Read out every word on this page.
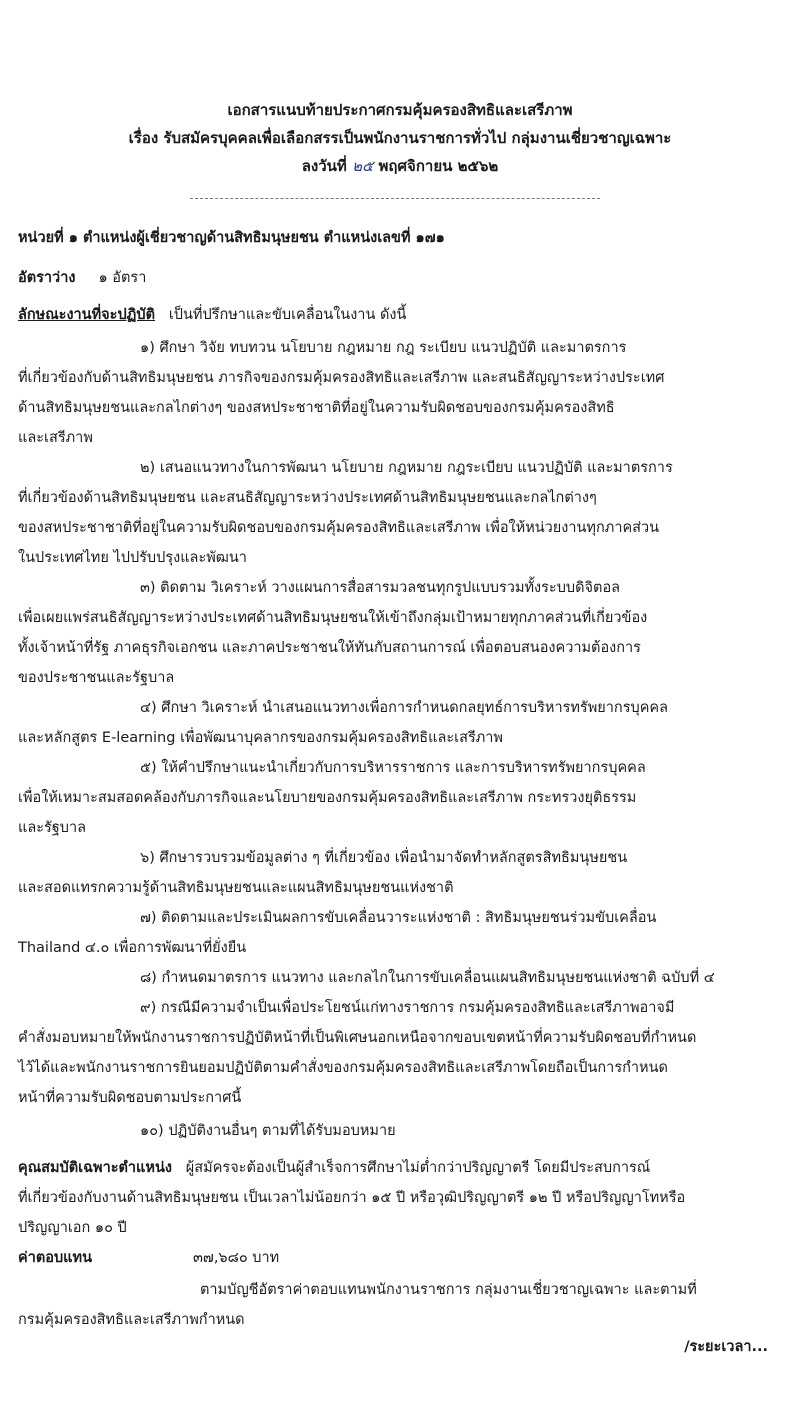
เอกสารแนบท้ายประกาศกรมคุ้มครองสิทธิและเสรีภาพ
เรื่อง รับสมัครบุคคลเพื่อเลือกสรรเป็นพนักงานราชการทั่วไป กลุ่มงานเชี่ยวชาญเฉพาะ
ลงวันที่ ๒๕ พฤศจิกายน ๒๕๖๒
หน่วยที่ ๑ ตำแหน่งผู้เชี่ยวชาญด้านสิทธิมนุษยชน ตำแหน่งเลขที่ ๑๗๑
อัตราว่าง ๑ อัตรา
ลักษณะงานที่จะปฏิบัติ เป็นที่ปรึกษาและขับเคลื่อนในงาน ดังนี้
๑) ศึกษา วิจัย ทบทวน นโยบาย กฎหมาย กฎ ระเบียบ แนวปฏิบัติ และมาตรการ
ที่เกี่ยวข้องกับด้านสิทธิมนุษยชน ภารกิจของกรมคุ้มครองสิทธิและเสรีภาพ และสนธิสัญญาระหว่างประเทศ
ด้านสิทธิมนุษยชนและกลไกต่างๆ ของสหประชาชาติที่อยู่ในความรับผิดชอบของกรมคุ้มครองสิทธิ
และเสรีภาพ
๒) เสนอแนวทางในการพัฒนา นโยบาย กฎหมาย กฎระเบียบ แนวปฏิบัติ และมาตรการ
ที่เกี่ยวข้องด้านสิทธิมนุษยชน และสนธิสัญญาระหว่างประเทศด้านสิทธิมนุษยชนและกลไกต่างๆ
ของสหประชาชาติที่อยู่ในความรับผิดชอบของกรมคุ้มครองสิทธิและเสรีภาพ เพื่อให้หน่วยงานทุกภาคส่วน
ในประเทศไทย ไปปรับปรุงและพัฒนา
๓) ติดตาม วิเคราะห์ วางแผนการสื่อสารมวลชนทุกรูปแบบรวมทั้งระบบดิจิตอล
เพื่อเผยแพร่สนธิสัญญาระหว่างประเทศด้านสิทธิมนุษยชนให้เข้าถึงกลุ่มเป้าหมายทุกภาคส่วนที่เกี่ยวข้อง
ทั้งเจ้าหน้าที่รัฐ ภาคธุรกิจเอกชน และภาคประชาชนให้ทันกับสถานการณ์ เพื่อตอบสนองความต้องการ
ของประชาชนและรัฐบาล
๔) ศึกษา วิเคราะห์ นำเสนอแนวทางเพื่อการกำหนดกลยุทธ์การบริหารทรัพยากรบุคคล
และหลักสูตร E-learning เพื่อพัฒนาบุคลากรของกรมคุ้มครองสิทธิและเสรีภาพ
๕) ให้คำปรึกษาแนะนำเกี่ยวกับการบริหารราชการ และการบริหารทรัพยากรบุคคล
เพื่อให้เหมาะสมสอดคล้องกับภารกิจและนโยบายของกรมคุ้มครองสิทธิและเสรีภาพ กระทรวงยุติธรรม
และรัฐบาล
๖) ศึกษารวบรวมข้อมูลต่าง ๆ ที่เกี่ยวข้อง เพื่อนำมาจัดทำหลักสูตรสิทธิมนุษยชน
และสอดแทรกความรู้ด้านสิทธิมนุษยชนและแผนสิทธิมนุษยชนแห่งชาติ
๗) ติดตามและประเมินผลการขับเคลื่อนวาระแห่งชาติ : สิทธิมนุษยชนร่วมขับเคลื่อน
Thailand ๔.๐ เพื่อการพัฒนาที่ยั่งยืน
๘) กำหนดมาตรการ แนวทาง และกลไกในการขับเคลื่อนแผนสิทธิมนุษยชนแห่งชาติ ฉบับที่ ๔
๙) กรณีมีความจำเป็นเพื่อประโยชน์แก่ทางราชการ กรมคุ้มครองสิทธิและเสรีภาพอาจมี
คำสั่งมอบหมายให้พนักงานราชการปฏิบัติหน้าที่เป็นพิเศษนอกเหนือจากขอบเขตหน้าที่ความรับผิดชอบที่กำหนด
ไว้ได้และพนักงานราชการยินยอมปฏิบัติตามคำสั่งของกรมคุ้มครองสิทธิและเสรีภาพโดยถือเป็นการกำหนด
หน้าที่ความรับผิดชอบตามประกาศนี้
๑๐) ปฏิบัติงานอื่นๆ ตามที่ได้รับมอบหมาย
คุณสมบัติเฉพาะตำแหน่ง ผู้สมัครจะต้องเป็นผู้สำเร็จการศึกษาไม่ต่ำกว่าปริญญาตรี โดยมีประสบการณ์
ที่เกี่ยวข้องกับงานด้านสิทธิมนุษยชน เป็นเวลาไม่น้อยกว่า ๑๕ ปี หรือวุฒิปริญญาตรี ๑๒ ปี หรือปริญญาโทหรือ
ปริญญาเอก ๑๐ ปี
ค่าตอบแทน	๓๗,๖๘๐ บาท
ตามบัญชีอัตราค่าตอบแทนพนักงานราชการ กลุ่มงานเชี่ยวชาญเฉพาะ และตามที่
กรมคุ้มครองสิทธิและเสรีภาพกำหนด
/ระยะเวลา...
